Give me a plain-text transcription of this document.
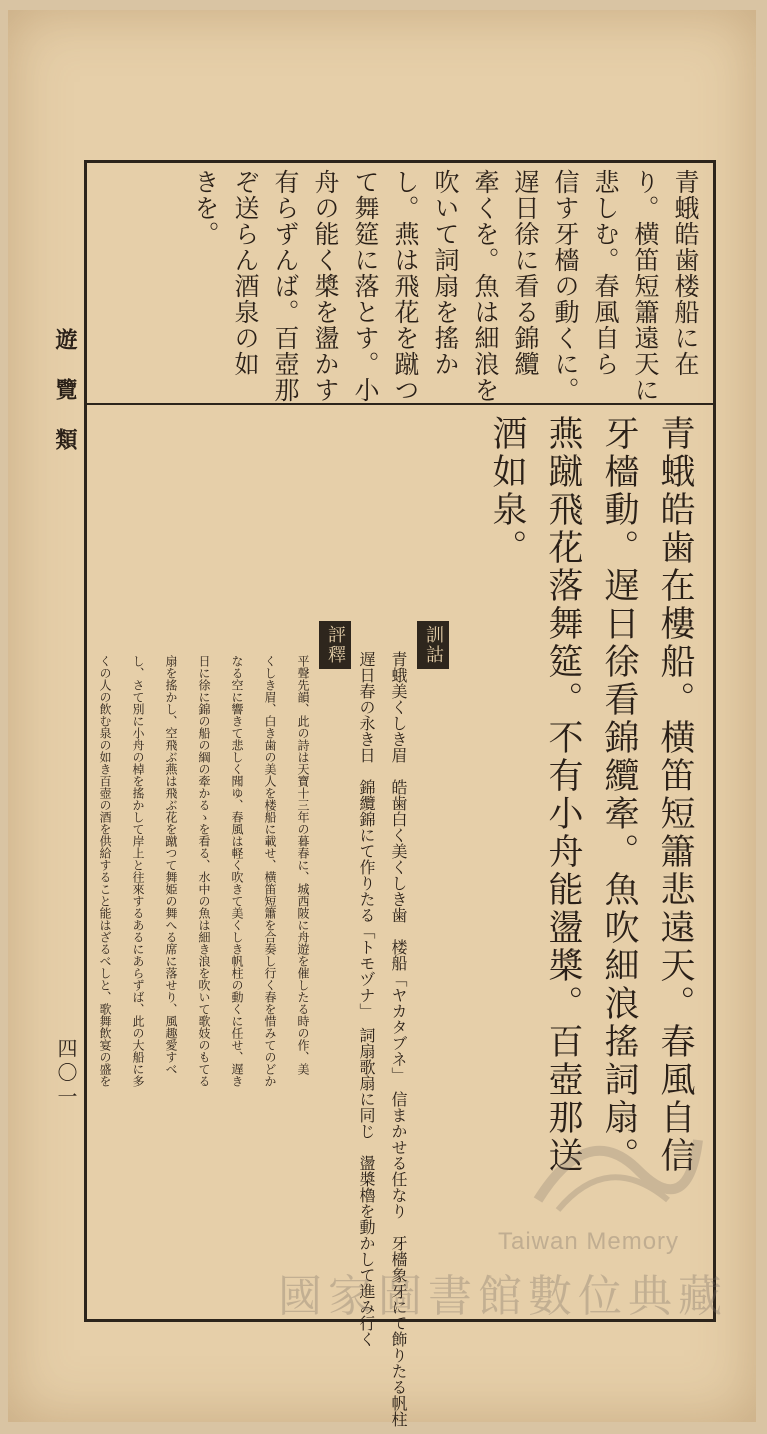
遊覽類
四〇一
青蛾皓歯楼船に在
り。横笛短簫遠天に
悲しむ。春風自ら
信す牙檣の動くに。
遅日徐に看る錦纜
牽くを。魚は細浪を
吹いて詞扇を搖か
し。燕は飛花を蹴つ
て舞筵に落とす。小
舟の能く槳を盪かす
有らずんば。百壺那
ぞ送らん酒泉の如
きを。
青蛾皓歯在樓船。横笛短簫悲遠天。春風自信
牙檣動。遅日徐看錦纜牽。魚吹細浪搖詞扇。
燕蹴飛花落舞筵。不有小舟能盪槳。百壺那送
酒如泉。
訓詁
青蛾美くしき眉　皓歯白く美くしき歯　楼船「ヤカタブネ」　信まかせる任なり　牙檣象牙にて飾りたる帆柱
遅日春の永き日　錦纜錦にて作りたる「トモヅナ」　詞扇歌扇に同じ　盪槳櫓を動かして進み行く
評釋
平聲先韻、此の詩は天寶十三年の暮春に、城西陂に舟遊を催したる時の作、美
くしき眉、白き歯の美人を楼船に載せ、横笛短簫を合奏し行く春を惜みてのどか
なる空に響きて悲しく聞ゆ、春風は軽く吹きて美くしき帆柱の動くに任せ、遅き
日に徐に錦の船の綱の牽かるゝを看る、水中の魚は細き浪を吹いて歌妓のもてる
扇を搖かし、空飛ぶ燕は飛ぶ花を蹴つて舞姫の舞へる席に落せり、風趣愛すべ
し、さて別に小舟の棹を搖かして岸上と往來するあるにあらずば、此の大船に多
くの人の飲む泉の如き百壺の酒を供給すること能はざるべしと、歌舞飲宴の盛を
Taiwan Memory
國家圖書館數位典藏
